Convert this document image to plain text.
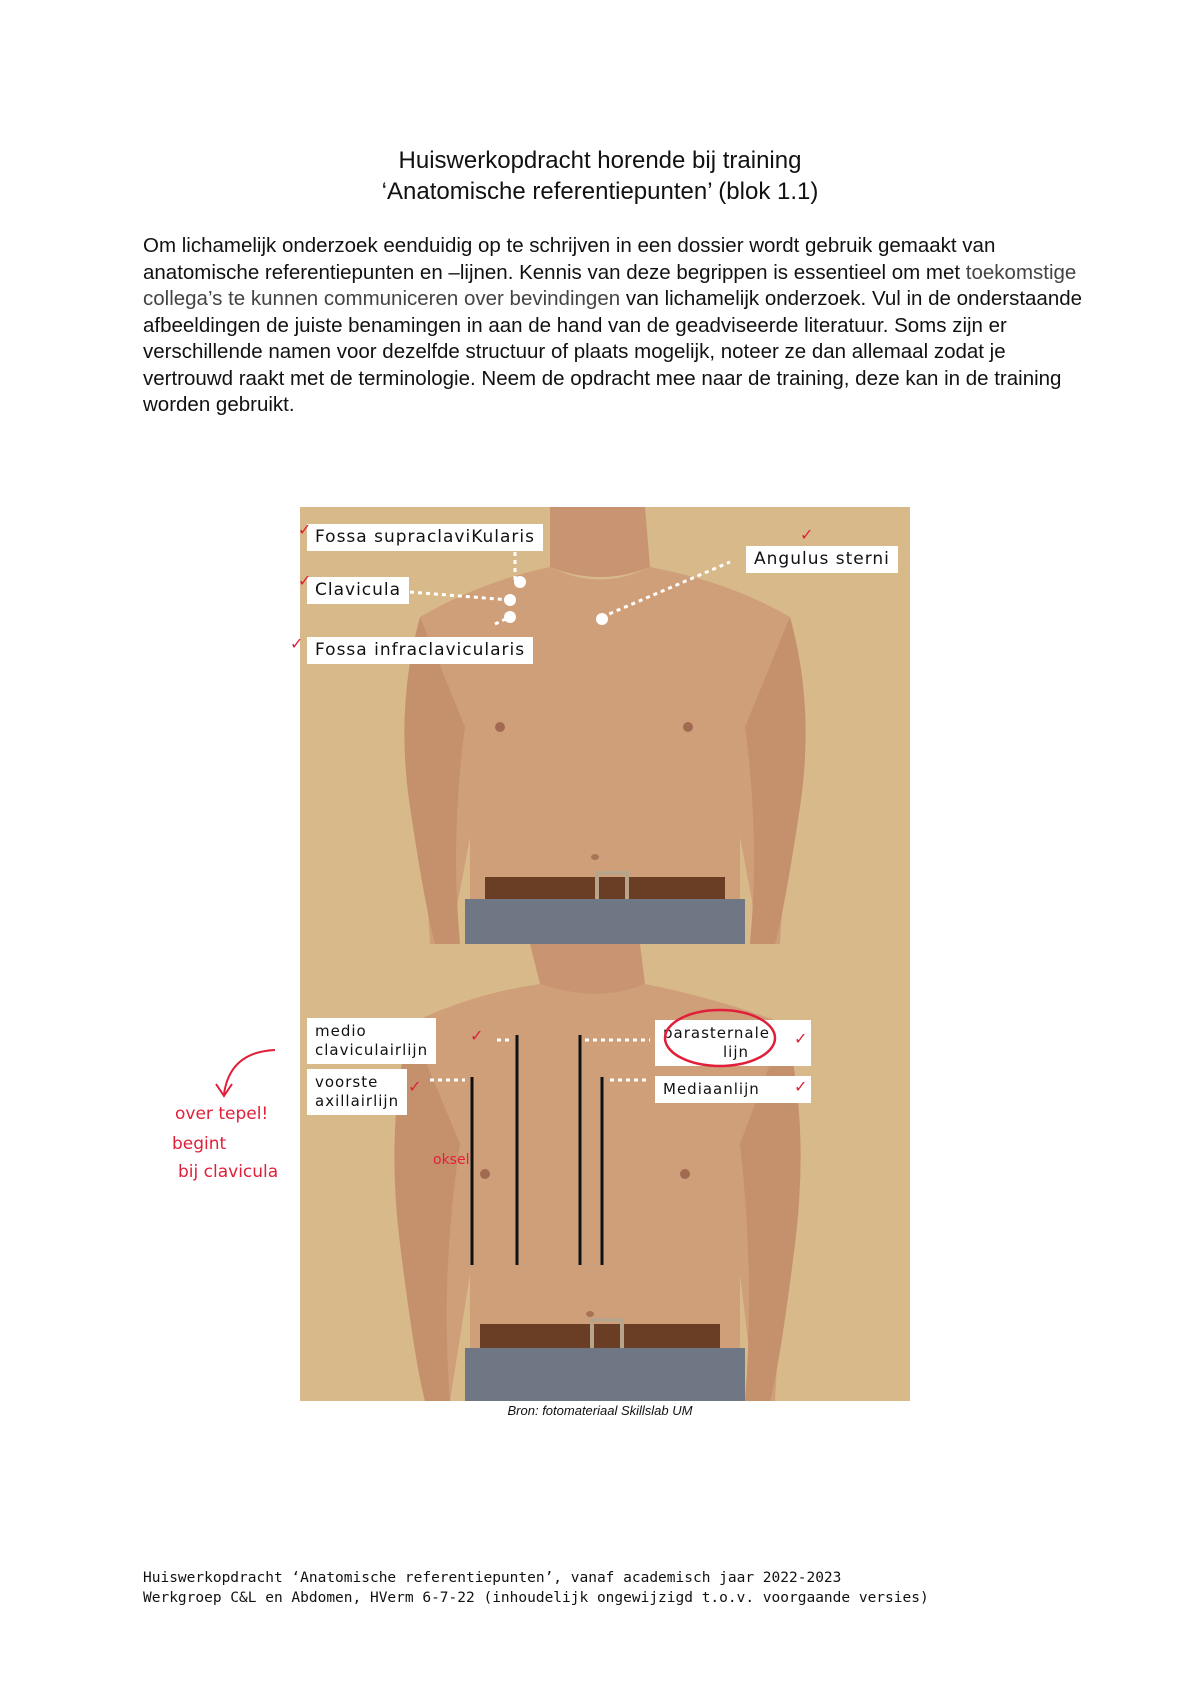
Huiswerkopdracht horende bij training
‘Anatomische referentiepunten’ (blok 1.1)
Om lichamelijk onderzoek eenduidig op te schrijven in een dossier wordt gebruik gemaakt van anatomische referentiepunten en –lijnen. Kennis van deze begrippen is essentieel om met toekomstige collega’s te kunnen communiceren over bevindingen van lichamelijk onderzoek. Vul in de onderstaande afbeeldingen de juiste benamingen in aan de hand van de geadviseerde literatuur. Soms zijn er verschillende namen voor dezelfde structuur of plaats mogelijk, noteer ze dan allemaal zodat je vertrouwd raakt met de terminologie. Neem de opdracht mee naar de training, deze kan in de training worden gebruikt.
Fossa supraclaviKularis
✓
Clavicula
✓
Fossa infraclavicularis
✓
Angulus sterni
✓
medio
claviculairlijn
✓
voorste
axillairlijn
✓
parasternale
lijn
✓
Mediaanlijn	✓
over tepel!
begint
bij clavicula
oksel
Bron: fotomateriaal Skillslab UM
Huiswerkopdracht ‘Anatomische referentiepunten’, vanaf academisch jaar 2022-2023
Werkgroep C&L en Abdomen, HVerm 6-7-22 (inhoudelijk ongewijzigd t.o.v. voorgaande versies)
